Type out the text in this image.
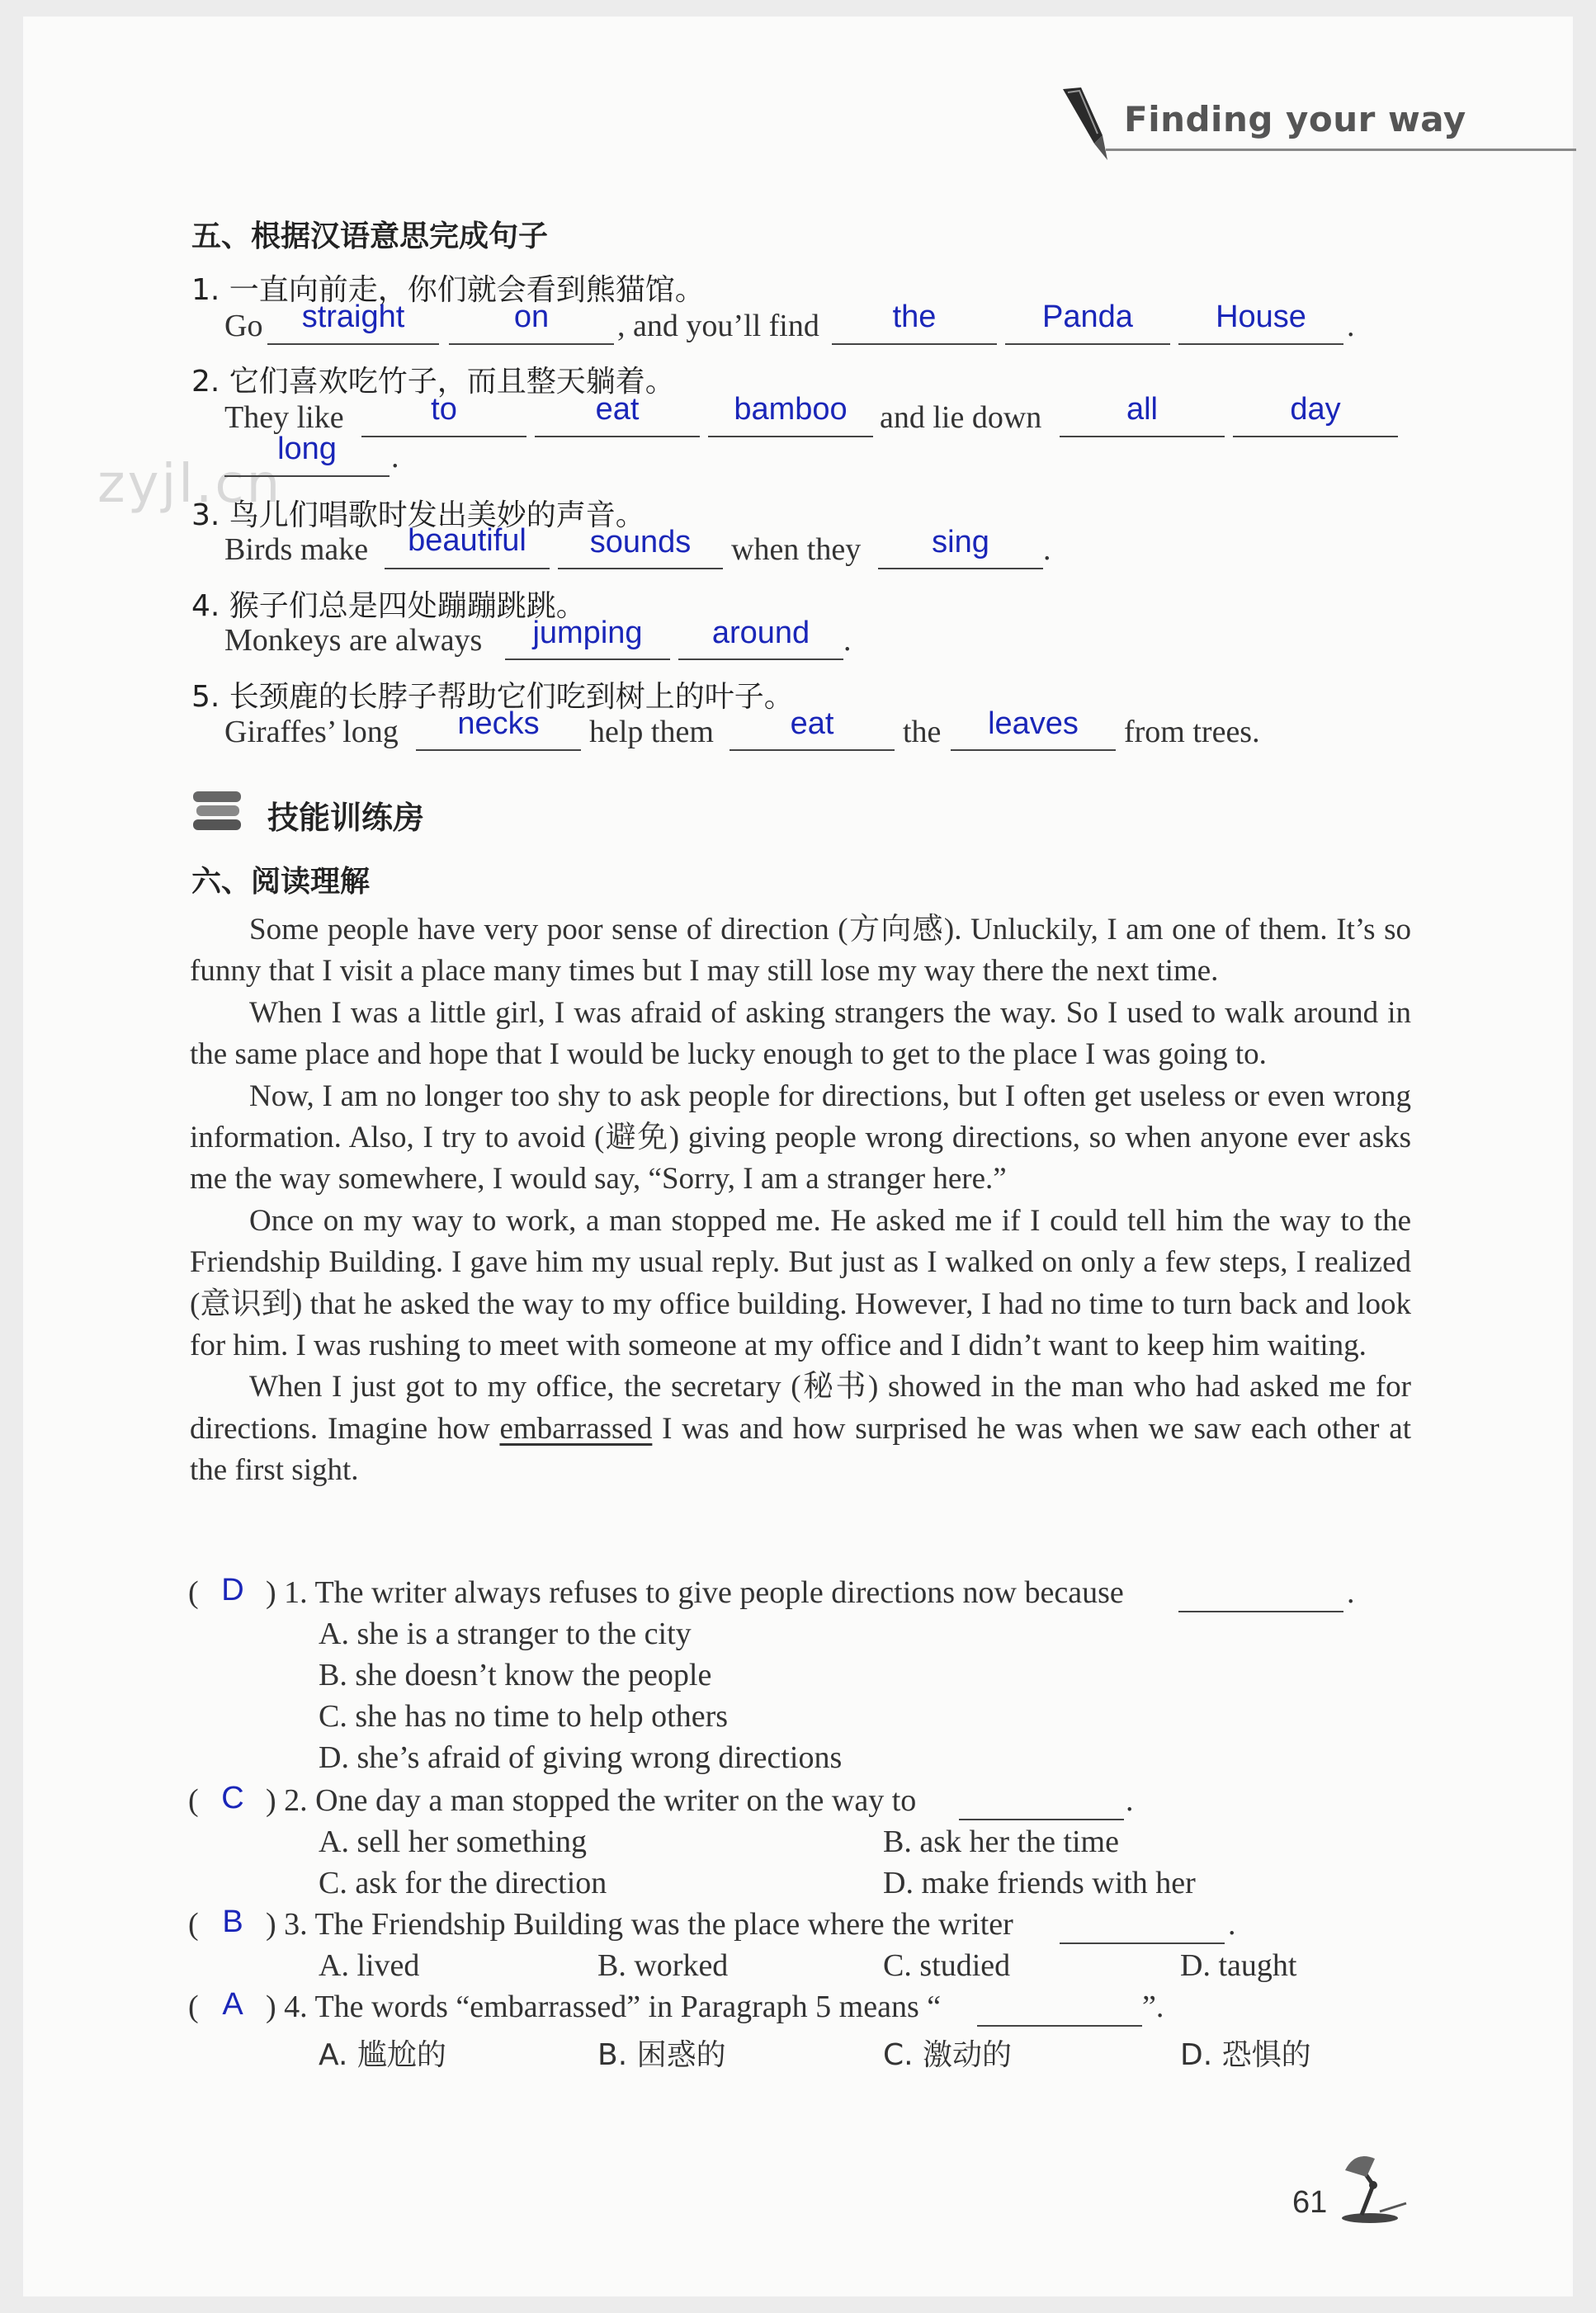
Finding your way
zyjl.cn
五、根据汉语意思完成句子
1. 一直向前走，你们就会看到熊猫馆。
Go	straight	on	, and you’ll find	the	Panda	House	.
2. 它们喜欢吃竹子，而且整天躺着。
They like	to	eat	bamboo	and lie down	all	day
long	.
3. 鸟儿们唱歌时发出美妙的声音。
Birds make	beautiful	sounds	when they	sing	.
4. 猴子们总是四处蹦蹦跳跳。
Monkeys are always	jumping	around	.
5. 长颈鹿的长脖子帮助它们吃到树上的叶子。
Giraffes’ long	necks	help them	eat	the	leaves	from trees.
技能训练房
六、阅读理解

Some people have very poor sense of direction (方向感). Unluckily, I am one of them. It’s so funny that I visit a place many times but I may still lose my way there the next time.

When I was a little girl, I was afraid of asking strangers the way. So I used to walk around in the same place and hope that I would be lucky enough to get to the place I was going to.

Now, I am no longer too shy to ask people for directions, but I often get useless or even wrong information. Also, I try to avoid (避免) giving people wrong directions, so when anyone ever asks me the way somewhere, I would say, “Sorry, I am a stranger here.”

Once on my way to work, a man stopped me. He asked me if I could tell him the way to the Friendship Building. I gave him my usual reply. But just as I walked on only a few steps, I realized (意识到) that he asked the way to my office building. However, I had no time to turn back and look for him. I was rushing to meet with someone at my office and I didn’t want to keep him waiting.

When I just got to my office, the secretary (秘书) showed in the man who had asked me for directions. Imagine how embarrassed I was and how surprised he was when we saw each other at the first sight.

( D ) 1. The writer always refuses to give people directions now because	.
A. she is a stranger to the city
B. she doesn’t know the people
C. she has no time to help others
D. she’s afraid of giving wrong directions
( C ) 2. One day a man stopped the writer on the way to	.
A. sell her something	B. ask her the time
C. ask for the direction	D. make friends with her
( B ) 3. The Friendship Building was the place where the writer	.
A. lived	B. worked	C. studied	D. taught
( A ) 4. The words “embarrassed” in Paragraph 5 means “	”.
A. 尴尬的	B. 困惑的	C. 激动的	D. 恐惧的
61
